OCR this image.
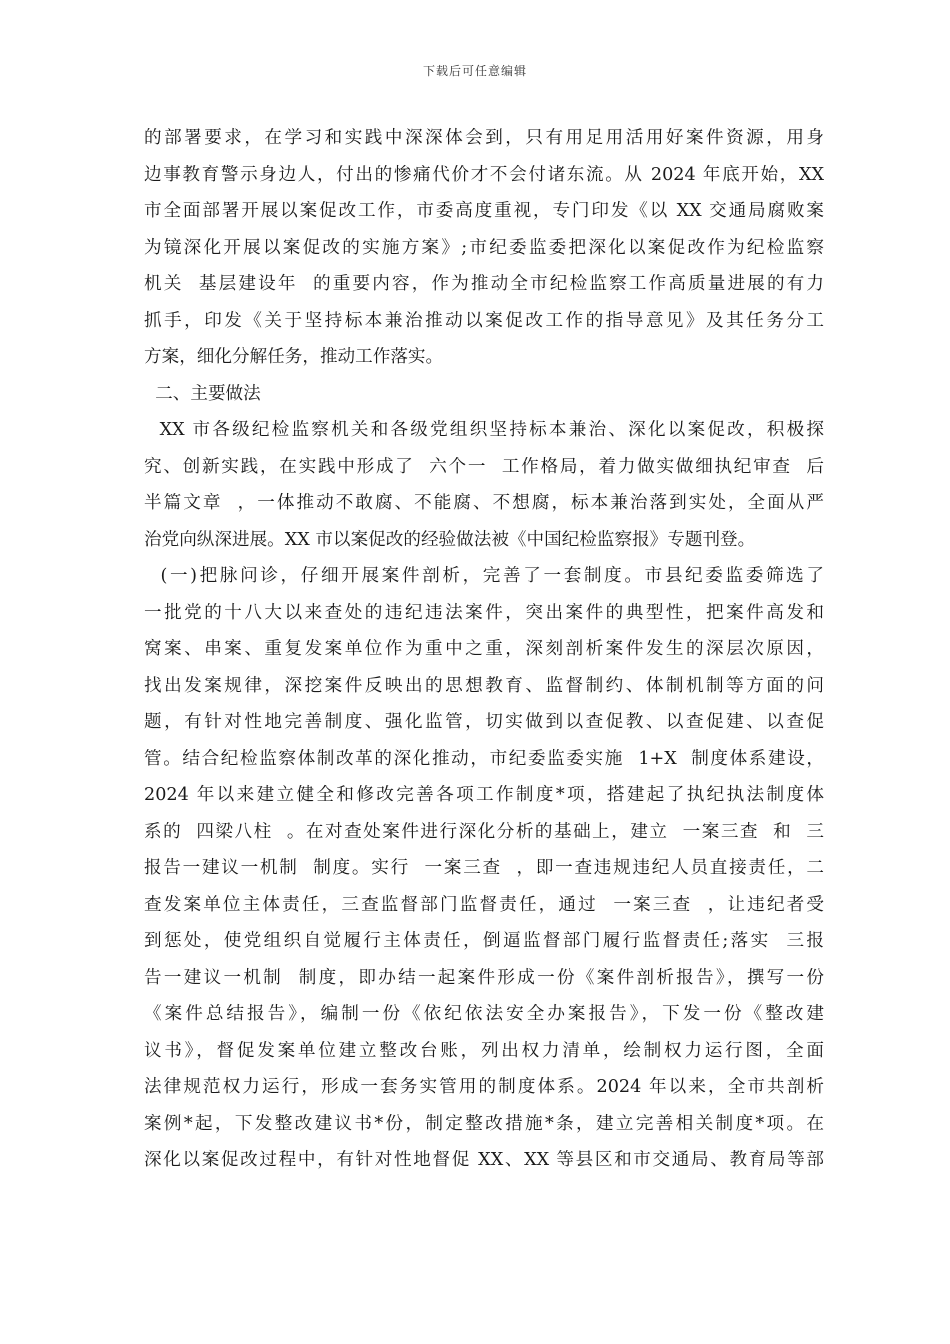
下载后可任意编辑
的部署要求，在学习和实践中深深体会到，只有用足用活用好案件资源，用身
边事教育警示身边人，付出的惨痛代价才不会付诸东流。从 2024 年底开始，XX
市全面部署开展以案促改工作，市委高度重视，专门印发《以 XX 交通局腐败案
为镜深化开展以案促改的实施方案》;市纪委监委把深化以案促改作为纪检监察
机关  基层建设年  的重要内容，作为推动全市纪检监察工作高质量进展的有力
抓手，印发《关于坚持标本兼治推动以案促改工作的指导意见》及其任务分工
方案，细化分解任务，推动工作落实。
二、主要做法
XX 市各级纪检监察机关和各级党组织坚持标本兼治、深化以案促改，积极探
究、创新实践，在实践中形成了  六个一  工作格局，着力做实做细执纪审查  后
半篇文章  ，一体推动不敢腐、不能腐、不想腐，标本兼治落到实处，全面从严
治党向纵深进展。XX 市以案促改的经验做法被《中国纪检监察报》专题刊登。
(一)把脉问诊，仔细开展案件剖析，完善了一套制度。市县纪委监委筛选了
一批党的十八大以来查处的违纪违法案件，突出案件的典型性，把案件高发和
窝案、串案、重复发案单位作为重中之重，深刻剖析案件发生的深层次原因，
找出发案规律，深挖案件反映出的思想教育、监督制约、体制机制等方面的问
题，有针对性地完善制度、强化监管，切实做到以查促教、以查促建、以查促
管。结合纪检监察体制改革的深化推动，市纪委监委实施  1+X  制度体系建设，
2024 年以来建立健全和修改完善各项工作制度*项，搭建起了执纪执法制度体
系的  四梁八柱  。在对查处案件进行深化分析的基础上，建立  一案三查  和  三
报告一建议一机制  制度。实行  一案三查  ，即一查违规违纪人员直接责任，二
查发案单位主体责任，三查监督部门监督责任，通过  一案三查  ，让违纪者受
到惩处，使党组织自觉履行主体责任，倒逼监督部门履行监督责任;落实  三报
告一建议一机制  制度，即办结一起案件形成一份《案件剖析报告》，撰写一份
《案件总结报告》，编制一份《依纪依法安全办案报告》，下发一份《整改建
议书》，督促发案单位建立整改台账，列出权力清单，绘制权力运行图，全面
法律规范权力运行，形成一套务实管用的制度体系。2024 年以来，全市共剖析
案例*起，下发整改建议书*份，制定整改措施*条，建立完善相关制度*项。在
深化以案促改过程中，有针对性地督促 XX、XX 等县区和市交通局、教育局等部
